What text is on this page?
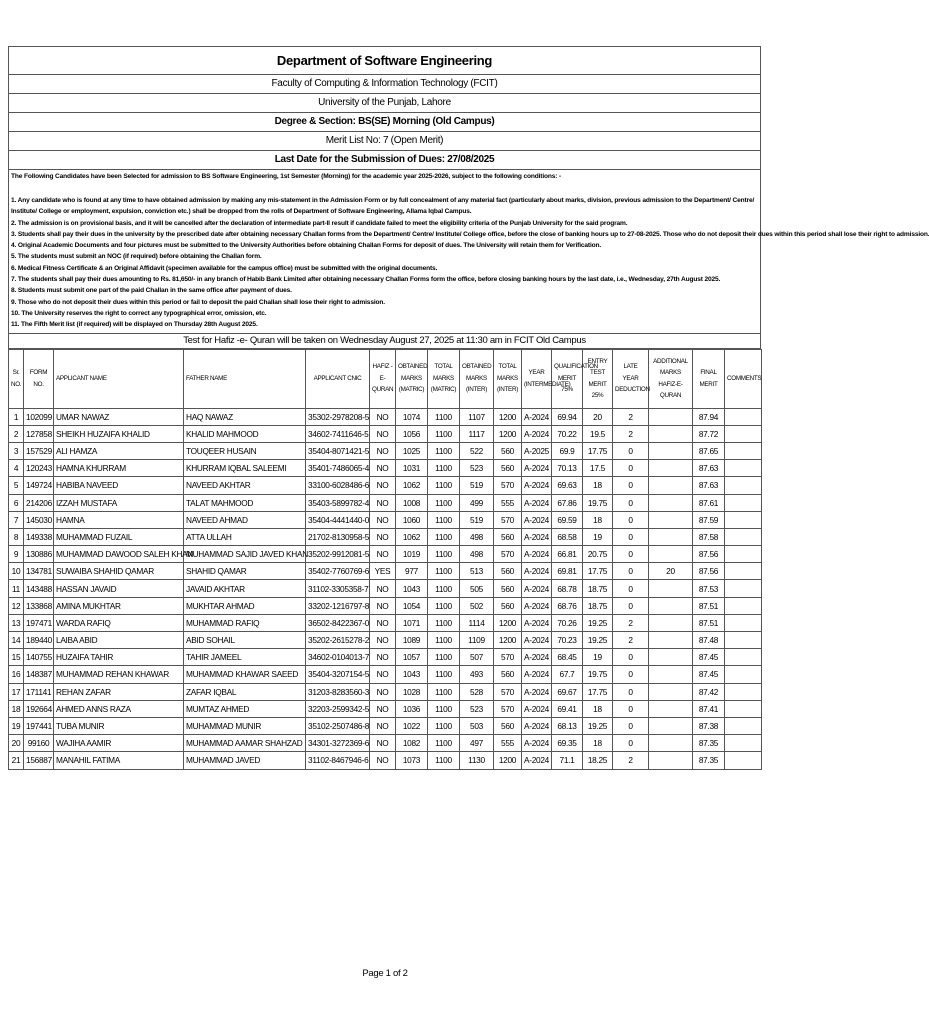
Department of Software Engineering
Faculty of Computing & Information Technology (FCIT)
University of the Punjab, Lahore
Degree & Section: BS(SE) Morning (Old Campus)
Merit List No: 7 (Open Merit)
Last Date for the Submission of Dues: 27/08/2025
The Following Candidates have been Selected for admission to BS Software Engineering, 1st Semester (Morning) for the academic year 2025-2026, subject to the following conditions: -

1. Any candidate who is found at any time to have obtained admission by making any mis-statement in the Admission Form or by full concealment of any material fact (particularly about marks, division, previous admission to the Department/ Centre/ Institute/ College or employment, expulsion, conviction etc.) shall be dropped from the rolls of Department of Software Engineering, Allama Iqbal Campus.

2. The admission is on provisional basis, and it will be cancelled after the declaration of intermediate part-II result if candidate failed to meet the eligibility criteria of the Punjab University for the said program.

3. Students shall pay their dues in the university by the prescribed date after obtaining necessary Challan forms from the Department/ Centre/ Institute/ College office, before the close of banking hours up to 27-08-2025. Those who do not deposit their dues within this period shall lose their right to admission.

4. Original Academic Documents and four pictures must be submitted to the University Authorities before obtaining Challan Forms for deposit of dues. The University will retain them for Verification.

5. The students must submit an NOC (if required) before obtaining the Challan form.

6. Medical Fitness Certificate & an Original Affidavit (specimen available for the campus office) must be submitted with the original documents.

7. The students shall pay their dues amounting to Rs. 81,650/- in any branch of Habib Bank Limited after obtaining necessary Challan Forms form the office, before closing banking hours by the last date, i.e., Wednesday, 27th August 2025.

8. Students must submit one part of the paid Challan in the same office after payment of dues.

9. Those who do not deposit their dues within this period or fail to deposit the paid Challan shall lose their right to admission.

10. The University reserves the right to correct any typographical error, omission, etc.

11. The Fifth Merit list (if required) will be displayed on Thursday 28th August 2025.

Test for Hafiz -e- Quran will be taken on Wednesday August 27, 2025 at 11:30 am in FCIT Old Campus
Sr. NO.	FORM NO.	APPLICANT NAME	FATHER NAME	APPLICANT CNIC	HAFIZ -E- QURAN	OBTAINED MARKS (MATRIC)	TOTAL MARKS (MATRIC)	OBTAINED MARKS (INTER)	TOTAL MARKS (INTER)	YEAR (INTERMEDIATE)	QUALIFICATION MERIT 75%	ENTRY TEST MERIT 25%	LATE YEAR DEDUCTION	ADDITIONAL MARKS HAFIZ-E-QURAN	FINAL MERIT	COMMENTS
1	102099	UMAR NAWAZ	HAQ NAWAZ	35302-2978208-5	NO	1074	1100	1107	1200	A-2024	69.94	20	2		87.94	
2	127858	SHEIKH HUZAIFA KHALID	KHALID MAHMOOD	34602-7411646-5	NO	1056	1100	1117	1200	A-2024	70.22	19.5	2		87.72	
3	157529	ALI HAMZA	TOUQEER HUSAIN	35404-8071421-5	NO	1025	1100	522	560	A-2025	69.9	17.75	0		87.65	
4	120243	HAMNA KHURRAM	KHURRAM IQBAL SALEEMI	35401-7486065-4	NO	1031	1100	523	560	A-2024	70.13	17.5	0		87.63	
5	149724	HABIBA NAVEED	NAVEED AKHTAR	33100-6028486-6	NO	1062	1100	519	570	A-2024	69.63	18	0		87.63	
6	214206	IZZAH MUSTAFA	TALAT MAHMOOD	35403-5899782-4	NO	1008	1100	499	555	A-2024	67.86	19.75	0		87.61	
7	145030	HAMNA	NAVEED AHMAD	35404-4441440-0	NO	1060	1100	519	570	A-2024	69.59	18	0		87.59	
8	149338	MUHAMMAD FUZAIL	ATTA ULLAH	21702-8130958-5	NO	1062	1100	498	560	A-2024	68.58	19	0		87.58	
9	130886	MUHAMMAD DAWOOD SALEH KHAN	MUHAMMAD SAJID JAVED KHAN	35202-9912081-5	NO	1019	1100	498	570	A-2024	66.81	20.75	0		87.56	
10	134781	SUWAIBA SHAHID QAMAR	SHAHID QAMAR	35402-7760769-6	YES	977	1100	513	560	A-2024	69.81	17.75	0	20	87.56	
11	143488	HASSAN JAVAID	JAVAID AKHTAR	31102-3305358-7	NO	1043	1100	505	560	A-2024	68.78	18.75	0		87.53	
12	133868	AMINA MUKHTAR	MUKHTAR AHMAD	33202-1216797-8	NO	1054	1100	502	560	A-2024	68.76	18.75	0		87.51	
13	197471	WARDA RAFIQ	MUHAMMAD RAFIQ	36502-8422367-0	NO	1071	1100	1114	1200	A-2024	70.26	19.25	2		87.51	
14	189440	LAIBA ABID	ABID SOHAIL	35202-2615278-2	NO	1089	1100	1109	1200	A-2024	70.23	19.25	2		87.48	
15	140755	HUZAIFA TAHIR	TAHIR JAMEEL	34602-0104013-7	NO	1057	1100	507	570	A-2024	68.45	19	0		87.45	
16	148387	MUHAMMAD REHAN KHAWAR	MUHAMMAD KHAWAR SAEED	35404-3207154-5	NO	1043	1100	493	560	A-2024	67.7	19.75	0		87.45	
17	171141	REHAN ZAFAR	ZAFAR IQBAL	31203-8283560-3	NO	1028	1100	528	570	A-2024	69.67	17.75	0		87.42	
18	192664	AHMED ANNS RAZA	MUMTAZ AHMED	32203-2599342-5	NO	1036	1100	523	570	A-2024	69.41	18	0		87.41	
19	197441	TUBA MUNIR	MUHAMMAD MUNIR	35102-2507486-8	NO	1022	1100	503	560	A-2024	68.13	19.25	0		87.38	
20	99160	WAJIHA AAMIR	MUHAMMAD AAMAR SHAHZAD	34301-3272369-6	NO	1082	1100	497	555	A-2024	69.35	18	0		87.35	
21	156887	MANAHIL FATIMA	MUHAMMAD JAVED	31102-8467946-6	NO	1073	1100	1130	1200	A-2024	71.1	18.25	2		87.35	
Page 1 of 2
